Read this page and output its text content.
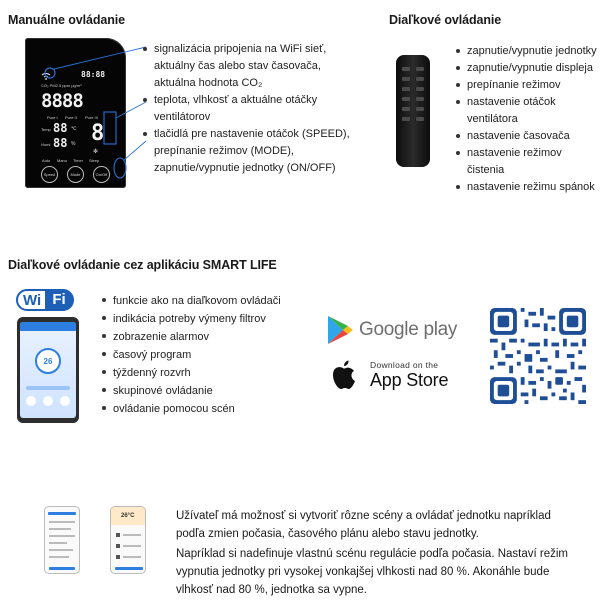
Manuálne ovládanie
88:88
CO₂ PM2.5 ppm μg/m³
8888
Pure I Pure II Pure III
Temp 88 ℃
Humi 88 % 8
✻
Auto Manu Timer Sleep
Speed	Mode	On/Off
signalizácia pripojenia na WiFi sieť,
aktuálny čas alebo stav časovača,
aktuálna hodnota CO₂
teplota, vlhkosť a aktuálne otáčky
ventilátorov
tlačidlá pre nastavenie otáčok (SPEED),
prepínanie režimov (MODE),
zapnutie/vypnutie jednotky (ON/OFF)
Diaľkové ovládanie
zapnutie/vypnutie jednotky
zapnutie/vypnutie displeja
prepínanie režimov
nastavenie otáčok ventilátora
nastavenie časovača
nastavenie režimov čistenia
nastavenie režimu spánok
Diaľkové ovládanie cez aplikáciu SMART LIFE
Wi Fi
26
funkcie ako na diaľkovom ovládači
indikácia potreby výmeny filtrov
zobrazenie alarmov
časový program
týždenný rozvrh
skupinové ovládanie
ovládanie pomocou scén
Google play
Download on the
App Store
26°C	Užívateľ má možnosť si vytvoriť rôzne scény a ovládať jednotku napríklad
podľa zmien počasia, časového plánu alebo stavu jednotky.
Napríklad si nadefinuje vlastnú scénu regulácie podľa počasia. Nastaví režim
vypnutia jednotky pri vysokej vonkajšej vlhkosti nad 80 %. Akonáhle bude
vlhkosť nad 80 %, jednotka sa vypne.
